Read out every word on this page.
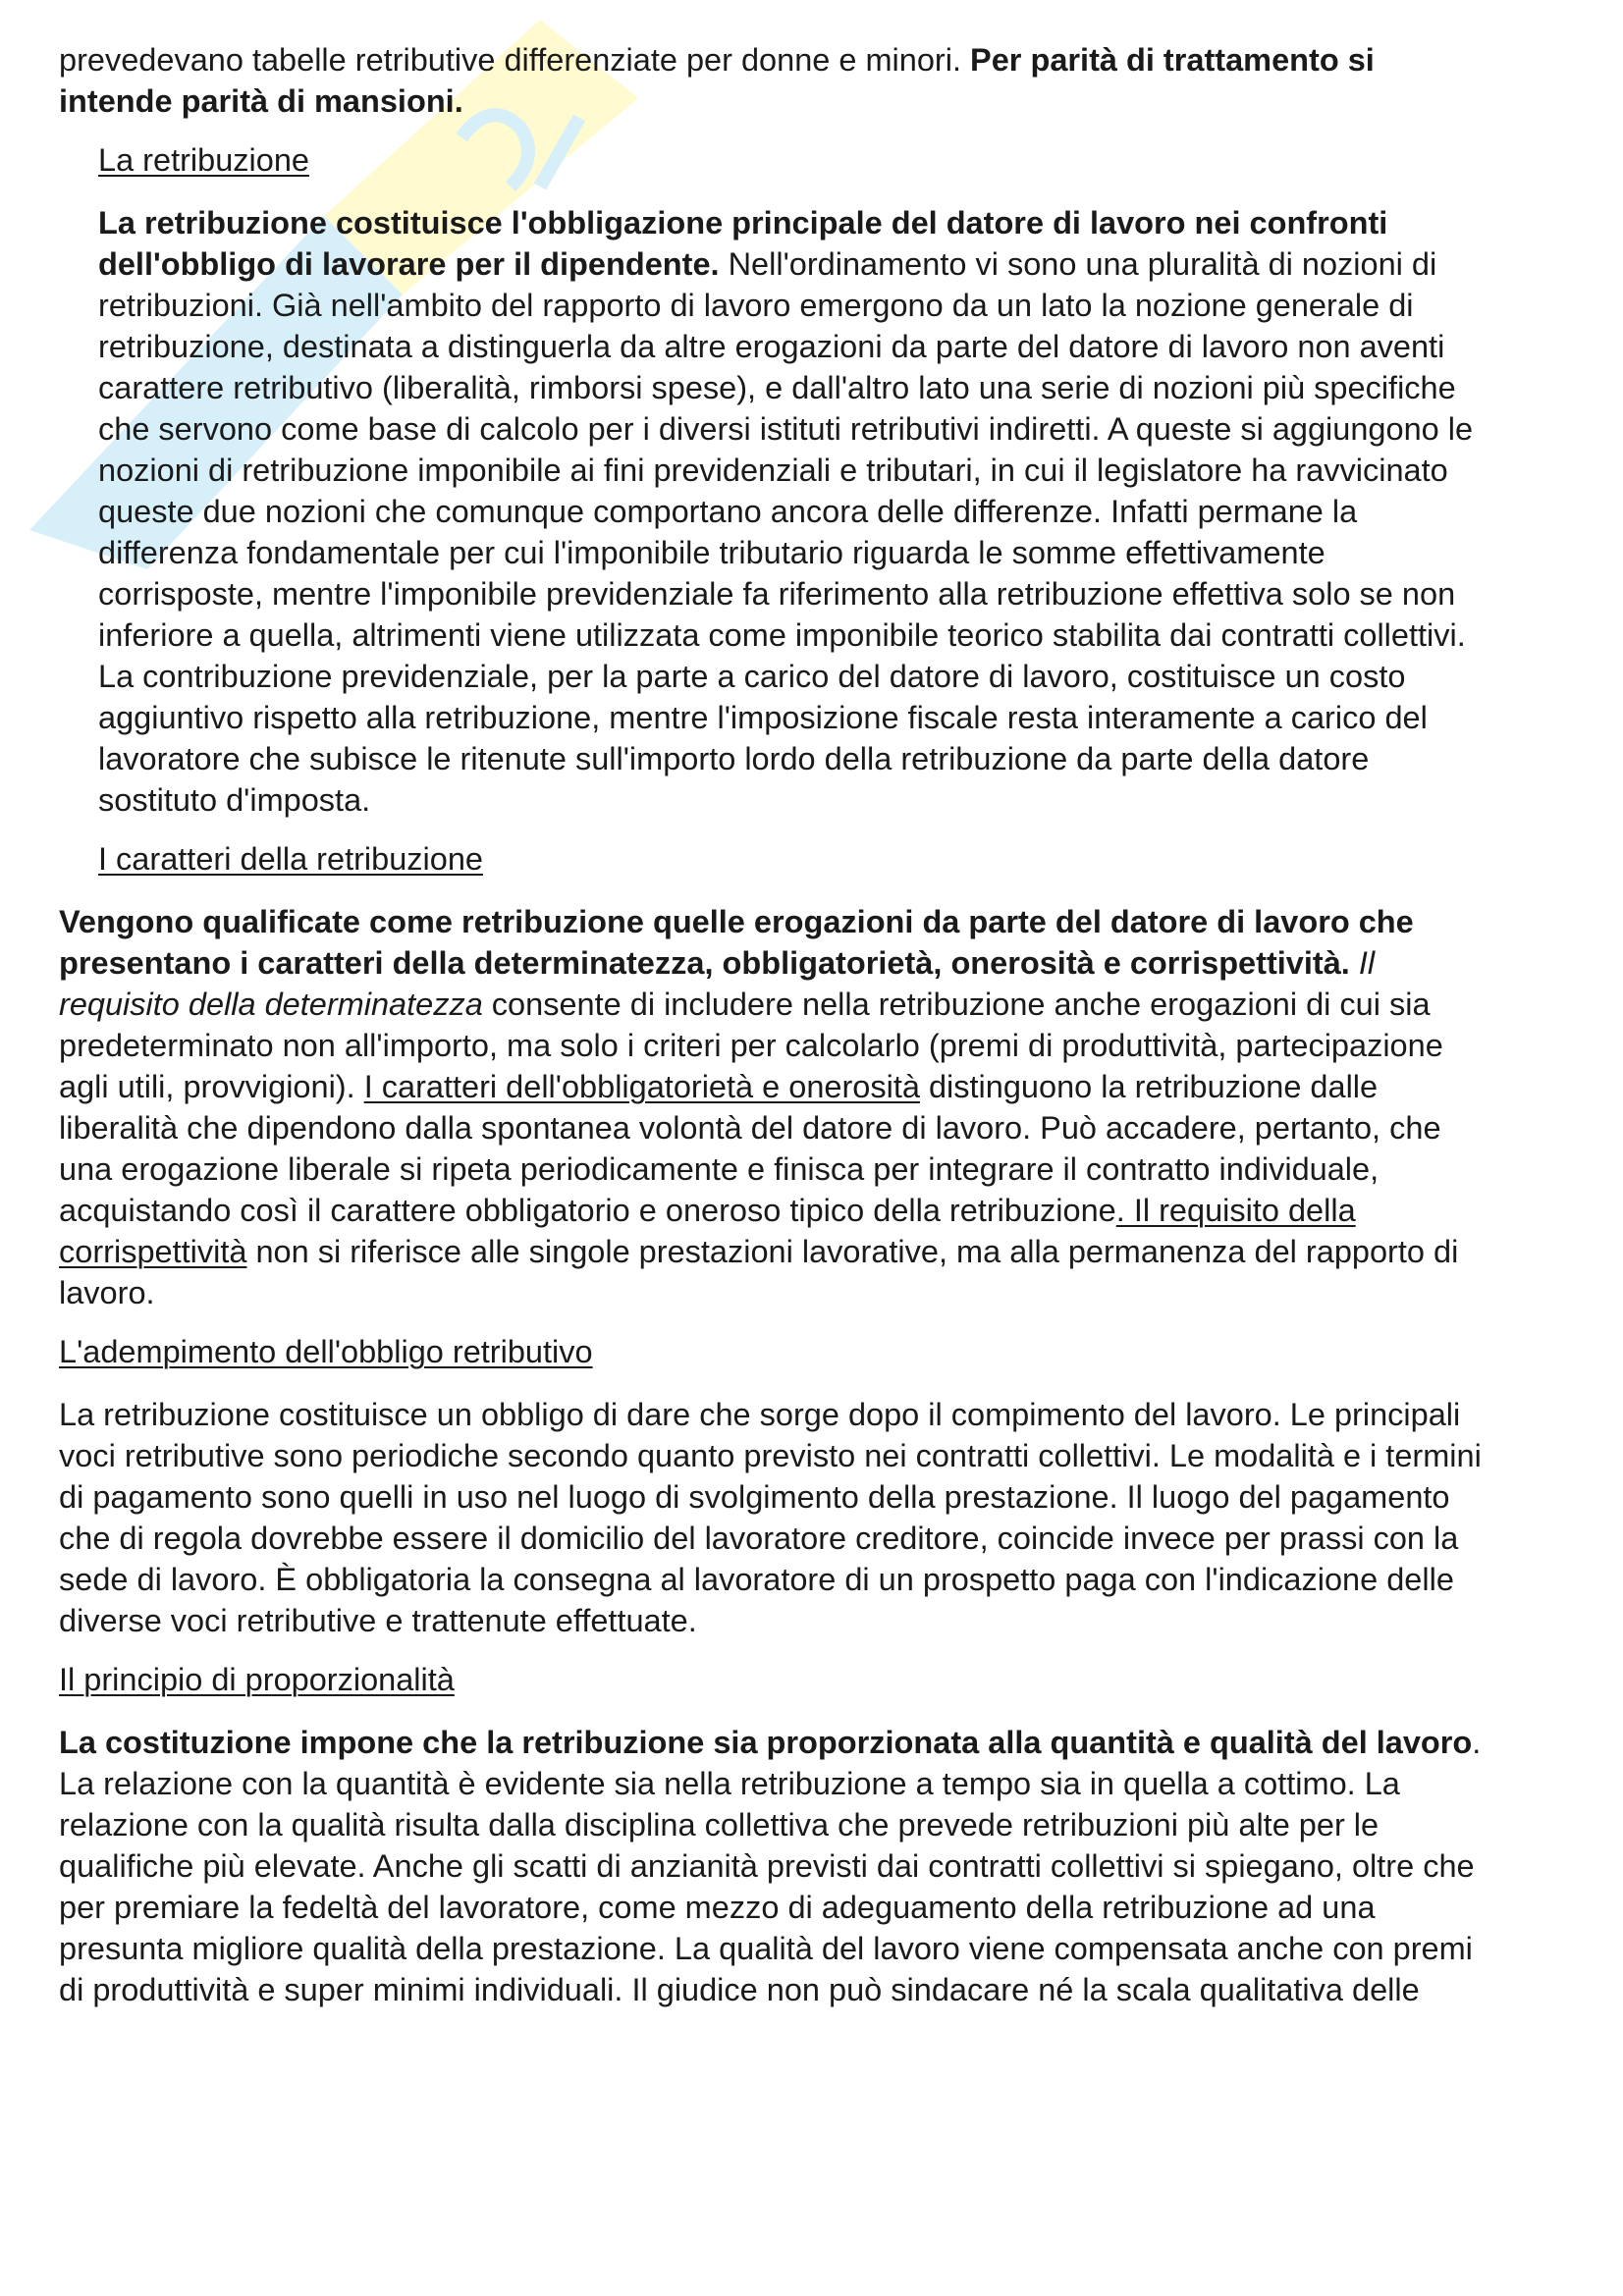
prevedevano tabelle retributive differenziate per donne e minori. Per parità di trattamento si intende parità di mansioni.

La retribuzione

La retribuzione costituisce l'obbligazione principale del datore di lavoro nei confronti dell'obbligo di lavorare per il dipendente. Nell'ordinamento vi sono una pluralità di nozioni di retribuzioni. Già nell'ambito del rapporto di lavoro emergono da un lato la nozione generale di retribuzione, destinata a distinguerla da altre erogazioni da parte del datore di lavoro non aventi carattere retributivo (liberalità, rimborsi spese), e dall'altro lato una serie di nozioni più specifiche che servono come base di calcolo per i diversi istituti retributivi indiretti. A queste si aggiungono le nozioni di retribuzione imponibile ai fini previdenziali e tributari, in cui il legislatore ha ravvicinato queste due nozioni che comunque comportano ancora delle differenze. Infatti permane la differenza fondamentale per cui l'imponibile tributario riguarda le somme effettivamente corrisposte, mentre l'imponibile previdenziale fa riferimento alla retribuzione effettiva solo se non inferiore a quella, altrimenti viene utilizzata come imponibile teorico stabilita dai contratti collettivi. La contribuzione previdenziale, per la parte a carico del datore di lavoro, costituisce un costo aggiuntivo rispetto alla retribuzione, mentre l'imposizione fiscale resta interamente a carico del lavoratore che subisce le ritenute sull'importo lordo della retribuzione da parte della datore sostituto d'imposta.

I caratteri della retribuzione

Vengono qualificate come retribuzione quelle erogazioni da parte del datore di lavoro che presentano i caratteri della determinatezza, obbligatorietà, onerosità e corrispettività. Il requisito della determinatezza consente di includere nella retribuzione anche erogazioni di cui sia predeterminato non all'importo, ma solo i criteri per calcolarlo (premi di produttività, partecipazione agli utili, provvigioni). I caratteri dell'obbligatorietà e onerosità distinguono la retribuzione dalle liberalità che dipendono dalla spontanea volontà del datore di lavoro. Può accadere, pertanto, che una erogazione liberale si ripeta periodicamente e finisca per integrare il contratto individuale, acquistando così il carattere obbligatorio e oneroso tipico della retribuzione. Il requisito della corrispettività non si riferisce alle singole prestazioni lavorative, ma alla permanenza del rapporto di lavoro.

L'adempimento dell'obbligo retributivo

La retribuzione costituisce un obbligo di dare che sorge dopo il compimento del lavoro. Le principali voci retributive sono periodiche secondo quanto previsto nei contratti collettivi. Le modalità e i termini di pagamento sono quelli in uso nel luogo di svolgimento della prestazione. Il luogo del pagamento che di regola dovrebbe essere il domicilio del lavoratore creditore, coincide invece per prassi con la sede di lavoro. È obbligatoria la consegna al lavoratore di un prospetto paga con l'indicazione delle diverse voci retributive e trattenute effettuate.

Il principio di proporzionalità

La costituzione impone che la retribuzione sia proporzionata alla quantità e qualità del lavoro. La relazione con la quantità è evidente sia nella retribuzione a tempo sia in quella a cottimo. La relazione con la qualità risulta dalla disciplina collettiva che prevede retribuzioni più alte per le qualifiche più elevate. Anche gli scatti di anzianità previsti dai contratti collettivi si spiegano, oltre che per premiare la fedeltà del lavoratore, come mezzo di adeguamento della retribuzione ad una presunta migliore qualità della prestazione. La qualità del lavoro viene compensata anche con premi di produttività e super minimi individuali. Il giudice non può sindacare né la scala qualitativa delle
